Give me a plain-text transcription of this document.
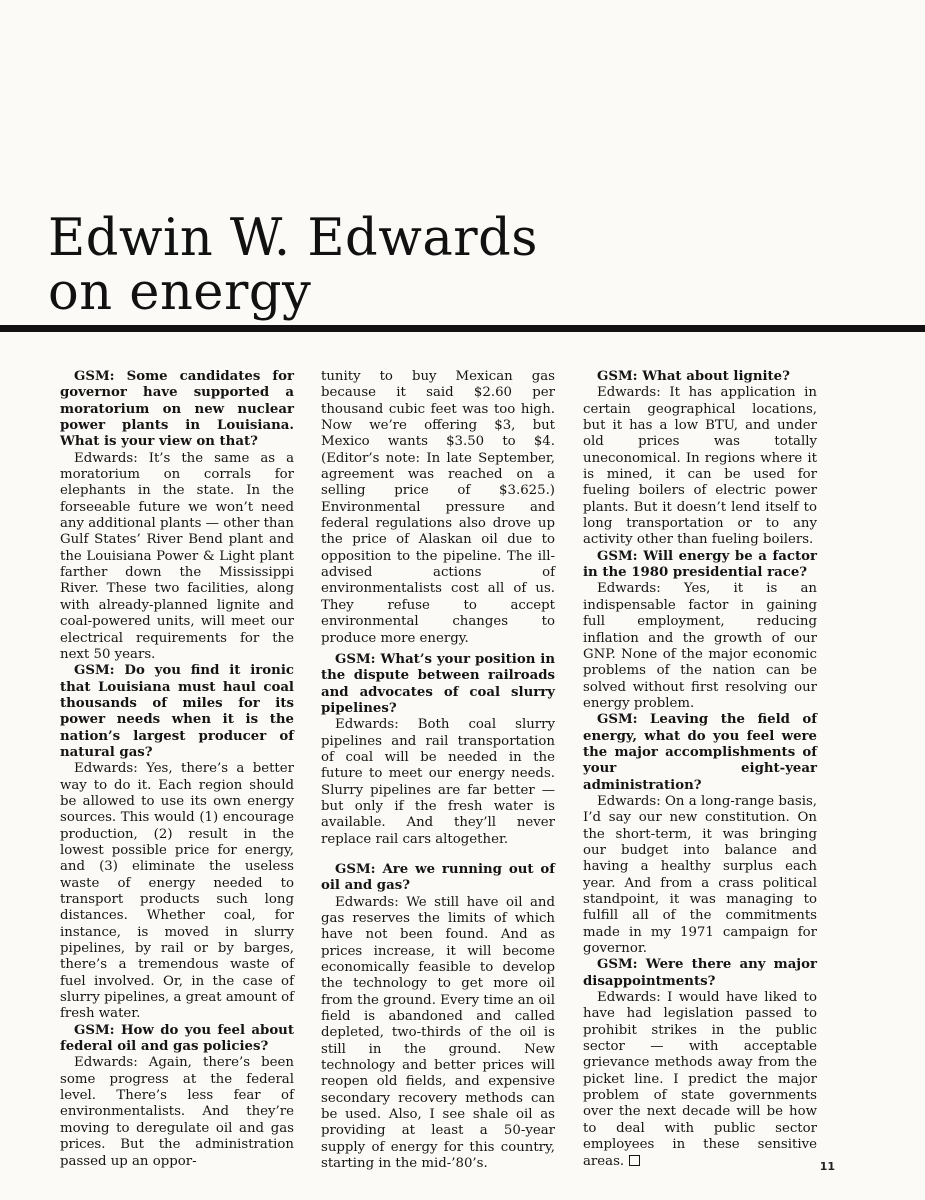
Edwin W. Edwards
on energy

GSM: Some candidates for governor have supported a moratorium on new nuclear power plants in Louisiana. What is your view on that?

Edwards: It’s the same as a moratorium on corrals for elephants in the state. In the forseeable future we won’t need any additional plants — other than Gulf States’ River Bend plant and the Louisiana Power & Light plant farther down the Mississippi River. These two facilities, along with already-planned lignite and coal-powered units, will meet our electrical requirements for the next 50 years.

GSM: Do you find it ironic that Louisiana must haul coal thousands of miles for its power needs when it is the nation’s largest producer of natural gas?

Edwards: Yes, there’s a better way to do it. Each region should be allowed to use its own energy sources. This would (1) encourage production, (2) result in the lowest possible price for energy, and (3) eliminate the useless waste of energy needed to transport products such long distances. Whether coal, for instance, is moved in slurry pipelines, by rail or by barges, there’s a tremendous waste of fuel involved. Or, in the case of slurry pipelines, a great amount of fresh water.

GSM: How do you feel about federal oil and gas policies?

Edwards: Again, there’s been some progress at the federal level. There’s less fear of environmentalists. And they’re moving to deregulate oil and gas prices. But the administration passed up an oppor-

tunity to buy Mexican gas because it said $2.60 per thousand cubic feet was too high. Now we’re offering $3, but Mexico wants $3.50 to $4. (Editor’s note: In late September, agreement was reached on a selling price of $3.625.) Environmental pressure and federal regulations also drove up the price of Alaskan oil due to opposition to the pipeline. The ill-advised actions of environmentalists cost all of us. They refuse to accept environmental changes to produce more energy.

GSM: What’s your position in the dispute between railroads and advocates of coal slurry pipelines?

Edwards: Both coal slurry pipelines and rail transportation of coal will be needed in the future to meet our energy needs. Slurry pipelines are far better — but only if the fresh water is available. And they’ll never replace rail cars altogether.

GSM: Are we running out of oil and gas?

Edwards: We still have oil and gas reserves the limits of which have not been found. And as prices increase, it will become economically feasible to develop the technology to get more oil from the ground. Every time an oil field is abandoned and called depleted, two-thirds of the oil is still in the ground. New technology and better prices will reopen old fields, and expensive secondary recovery methods can be used. Also, I see shale oil as providing at least a 50-year supply of energy for this country, starting in the mid-’80’s.

GSM: What about lignite?

Edwards: It has application in certain geographical locations, but it has a low BTU, and under old prices was totally uneconomical. In regions where it is mined, it can be used for fueling boilers of electric power plants. But it doesn’t lend itself to long transportation or to any activity other than fueling boilers.

GSM: Will energy be a factor in the 1980 presidential race?

Edwards: Yes, it is an indispensable factor in gaining full employment, reducing inflation and the growth of our GNP. None of the major economic problems of the nation can be solved without first resolving our energy problem.

GSM: Leaving the field of energy, what do you feel were the major accomplishments of your eight-year administration?

Edwards: On a long-range basis, I’d say our new constitution. On the short-term, it was bringing our budget into balance and having a healthy surplus each year. And from a crass political standpoint, it was managing to fulfill all of the commitments made in my 1971 campaign for governor.

GSM: Were there any major disappointments?

Edwards: I would have liked to have had legislation passed to prohibit strikes in the public sector — with acceptable grievance methods away from the picket line. I predict the major problem of state governments over the next decade will be how to deal with public sector employees in these sensitive areas.	11
